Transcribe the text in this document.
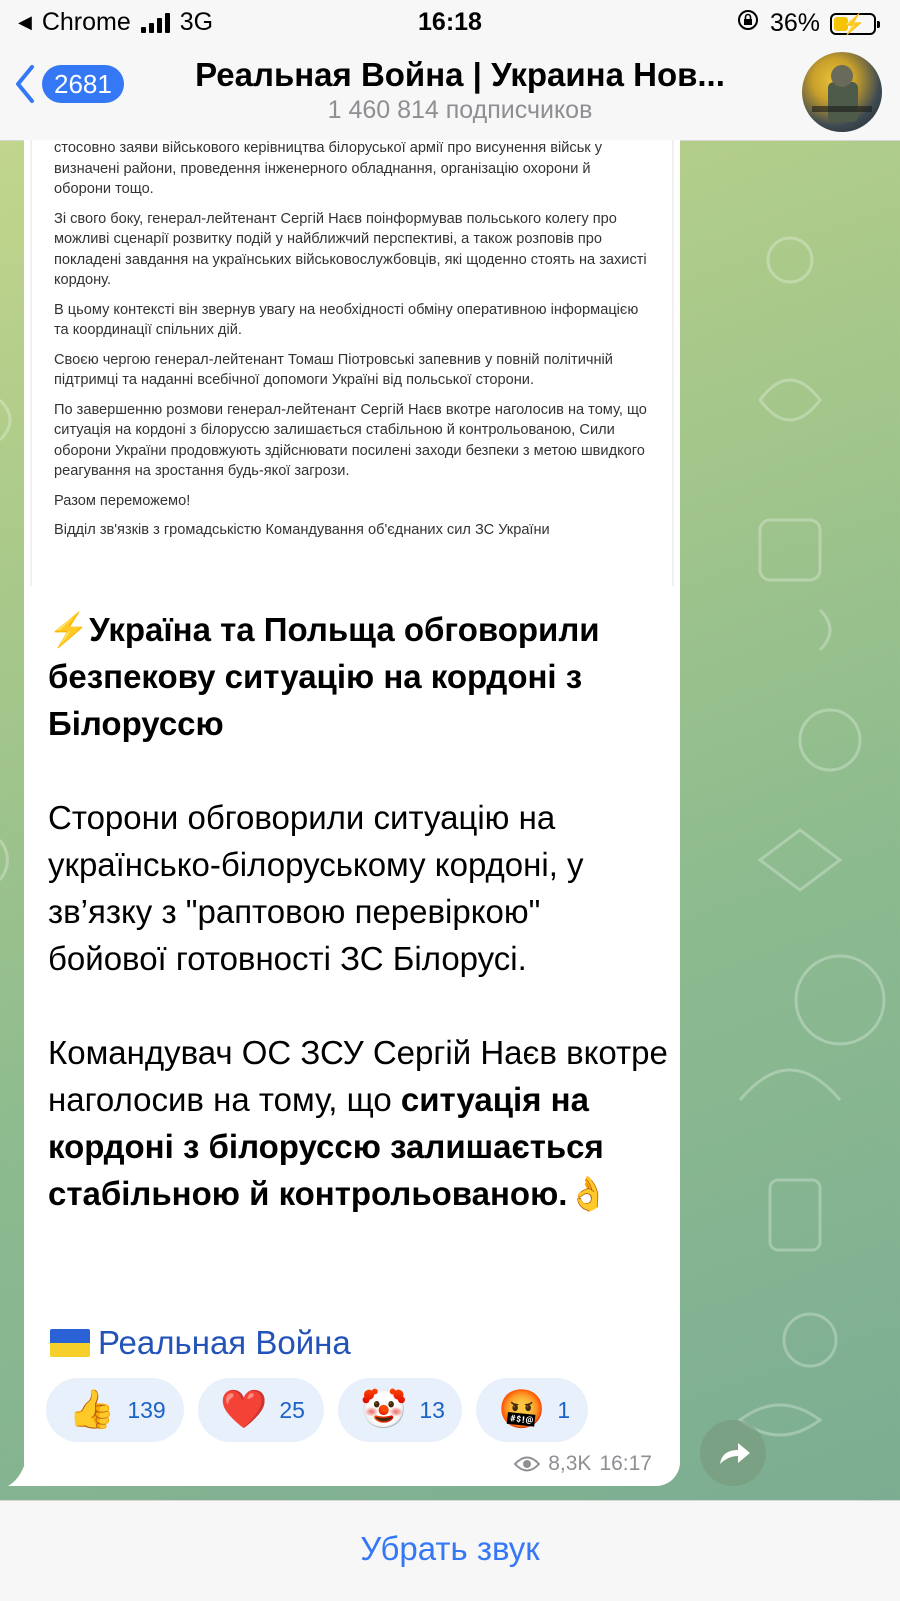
◀ Chrome 3G	16:18	36%	⚡
2681	Реальная Война | Украина Нов...
1 460 814 подписчиков

стосовно заяви військового керівництва білоруської армії про висунення військ у визначені райони, проведення інженерного обладнання, організацію охорони й оборони тощо.

Зі свого боку, генерал-лейтенант Сергій Наєв поінформував польського колегу про можливі сценарії розвитку подій у найближчий перспективі, а також розповів про покладені завдання на українських військовослужбовців, які щоденно стоять на захисті кордону.

В цьому контексті він звернув увагу на необхідності обміну оперативною інформацією та координації спільних дій.

Своєю чергою генерал-лейтенант Томаш Піотровські запевнив у повній політичній підтримці та наданні всебічної допомоги Україні від польської сторони.

По завершенню розмови генерал-лейтенант Сергій Наєв вкотре наголосив на тому, що ситуація на кордоні з білоруссю залишається стабільною й контрольованою, Сили оборони України продовжують здійснювати посилені заходи безпеки з метою швидкого реагування на зростання будь-якої загрози.

Разом переможемо!

Відділ зв'язків з громадськістю Командування об'єднаних сил ЗС України

⚡️Україна та Польща обговорили безпекову ситуацію на кордоні з Білоруссю
Сторони обговорили ситуацію на українсько-білоруському кордоні, у зв’язку з "раптовою перевіркою" бойової готовності ЗС Білорусі.
Командувач ОС ЗСУ Сергій Наєв вкотре наголосив на тому, що ситуація на кордоні з білоруссю залишається стабільною й контрольованою.👌
Реальная Война
👍 139 ❤️ 25 🤡 13 🤬 1
8,3K 16:17
Убрать звук
